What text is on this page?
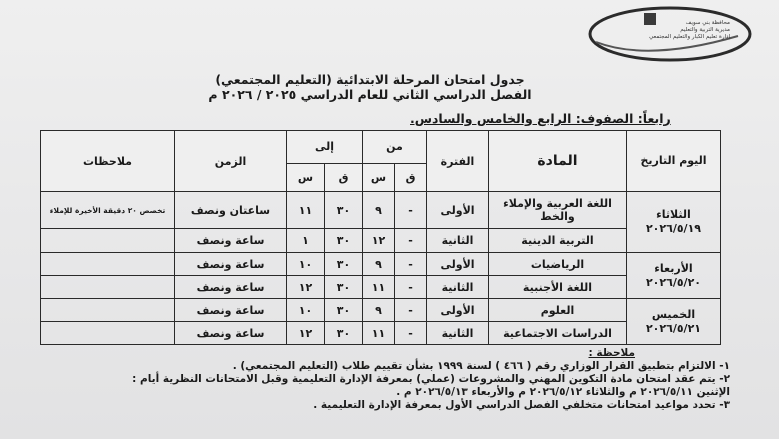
محافظة بني سويف
مديرية التربية والتعليم
إدارة تعليم الكبار والتعليم المجتمعي
جدول امتحان المرحلة الابتدائية (التعليم المجتمعي)
الفصل الدراسي الثاني للعام الدراسي ٢٠٢٥ / ٢٠٢٦ م
رابعاً: الصفوف: الرابع والخامس والسادس.
اليوم التاريخ	المادة	الفترة	من		إلى		الزمن	ملاحظات
			ق	س	ق	س		
الثلاثاء ٢٠٢٦/٥/١٩	اللغة العربية والإملاء والخط	الأولى	-	٩	٣٠	١١	ساعتان ونصف	تخصص ٢٠ دقيقة الأخيرة للإملاء
	التربية الدينية	الثانية	-	١٢	٣٠	١	ساعة ونصف	
الأربعاء ٢٠٢٦/٥/٢٠	الرياضيات	الأولى	-	٩	٣٠	١٠	ساعة ونصف	
	اللغة الأجنبية	الثانية	-	١١	٣٠	١٢	ساعة ونصف	
الخميس ٢٠٢٦/٥/٢١	العلوم	الأولى	-	٩	٣٠	١٠	ساعة ونصف	
	الدراسات الاجتماعية	الثانية	-	١١	٣٠	١٢	ساعة ونصف	

ملاحظة :

١- الالتزام بتطبيق القرار الوزاري رقم ( ٤٦٦ ) لسنة ١٩٩٩ بشأن تقييم طلاب (التعليم المجتمعي) .

٢- يتم عقد امتحان مادة التكوين المهني والمشروعات (عملي) بمعرفة الإدارة التعليمية وقبل الامتحانات النظرية أيام :

الإثنين ٢٠٢٦/٥/١١ م والثلاثاء ٢٠٢٦/٥/١٢ م والأربعاء ٢٠٢٦/٥/١٣ م .

٣- تحدد مواعيد امتحانات متخلفي الفصل الدراسي الأول بمعرفة الإدارة التعليمية .
